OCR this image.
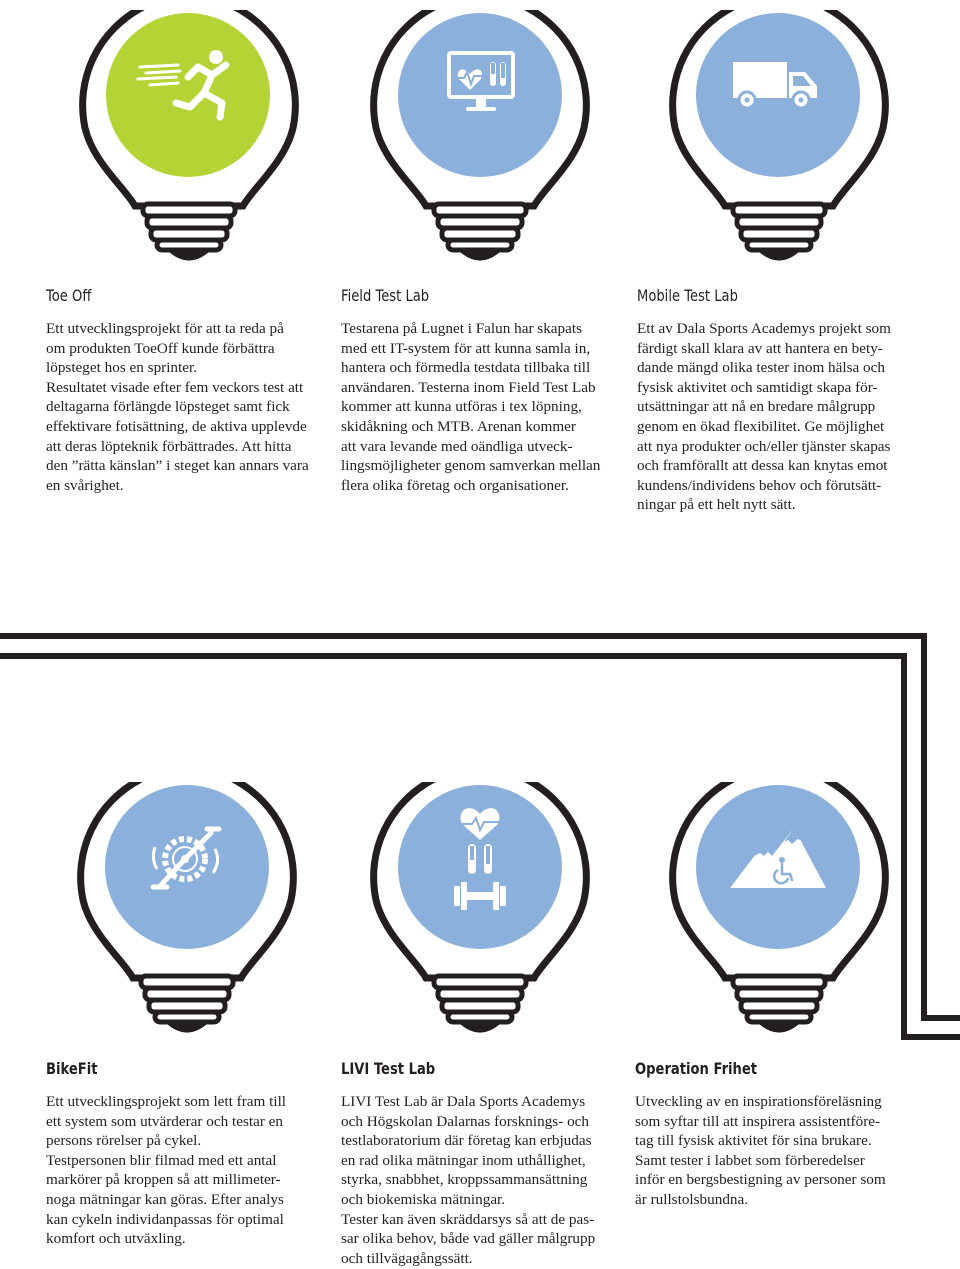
Toe Off

Ett utvecklingsprojekt för att ta reda på
om produkten ToeOff kunde förbättra
löpsteget hos en sprinter.
Resultatet visade efter fem veckors test att
deltagarna förlängde löpsteget samt fick
effektivare fotisättning, de aktiva upplevde
att deras löpteknik förbättrades. Att hitta
den ”rätta känslan” i steget kan annars vara
en svårighet.

Field Test Lab

Testarena på Lugnet i Falun har skapats
med ett IT-system för att kunna samla in,
hantera och förmedla testdata tillbaka till
användaren. Testerna inom Field Test Lab
kommer att kunna utföras i tex löpning,
skidåkning och MTB. Arenan kommer
att vara levande med oändliga utveck-
lingsmöjligheter genom samverkan mellan
flera olika företag och organisationer.

Mobile Test Lab

Ett av Dala Sports Academys projekt som
färdigt skall klara av att hantera en bety-
dande mängd olika tester inom hälsa och
fysisk aktivitet och samtidigt skapa för-
utsättningar att nå en bredare målgrupp
genom en ökad flexibilitet. Ge möjlighet
att nya produkter och/eller tjänster skapas
och framförallt att dessa kan knytas emot
kundens/individens behov och förutsätt-
ningar på ett helt nytt sätt.

BikeFit

Ett utvecklingsprojekt som lett fram till
ett system som utvärderar och testar en
persons rörelser på cykel.
Testpersonen blir filmad med ett antal
markörer på kroppen så att millimeter-
noga mätningar kan göras. Efter analys
kan cykeln individanpassas för optimal
komfort och utväxling.

LIVI Test Lab

LIVI Test Lab är Dala Sports Academys
och Högskolan Dalarnas forsknings- och
testlaboratorium där företag kan erbjudas
en rad olika mätningar inom uthållighet,
styrka, snabbhet, kroppssammansättning
och biokemiska mätningar.
Tester kan även skräddarsys så att de pas-
sar olika behov, både vad gäller målgrupp
och tillvägagångssätt.

Operation Frihet

Utveckling av en inspirationsföreläsning
som syftar till att inspirera assistentföre-
tag till fysisk aktivitet för sina brukare.
Samt tester i labbet som förberedelser
inför en bergsbestigning av personer som
är rullstolsbundna.
